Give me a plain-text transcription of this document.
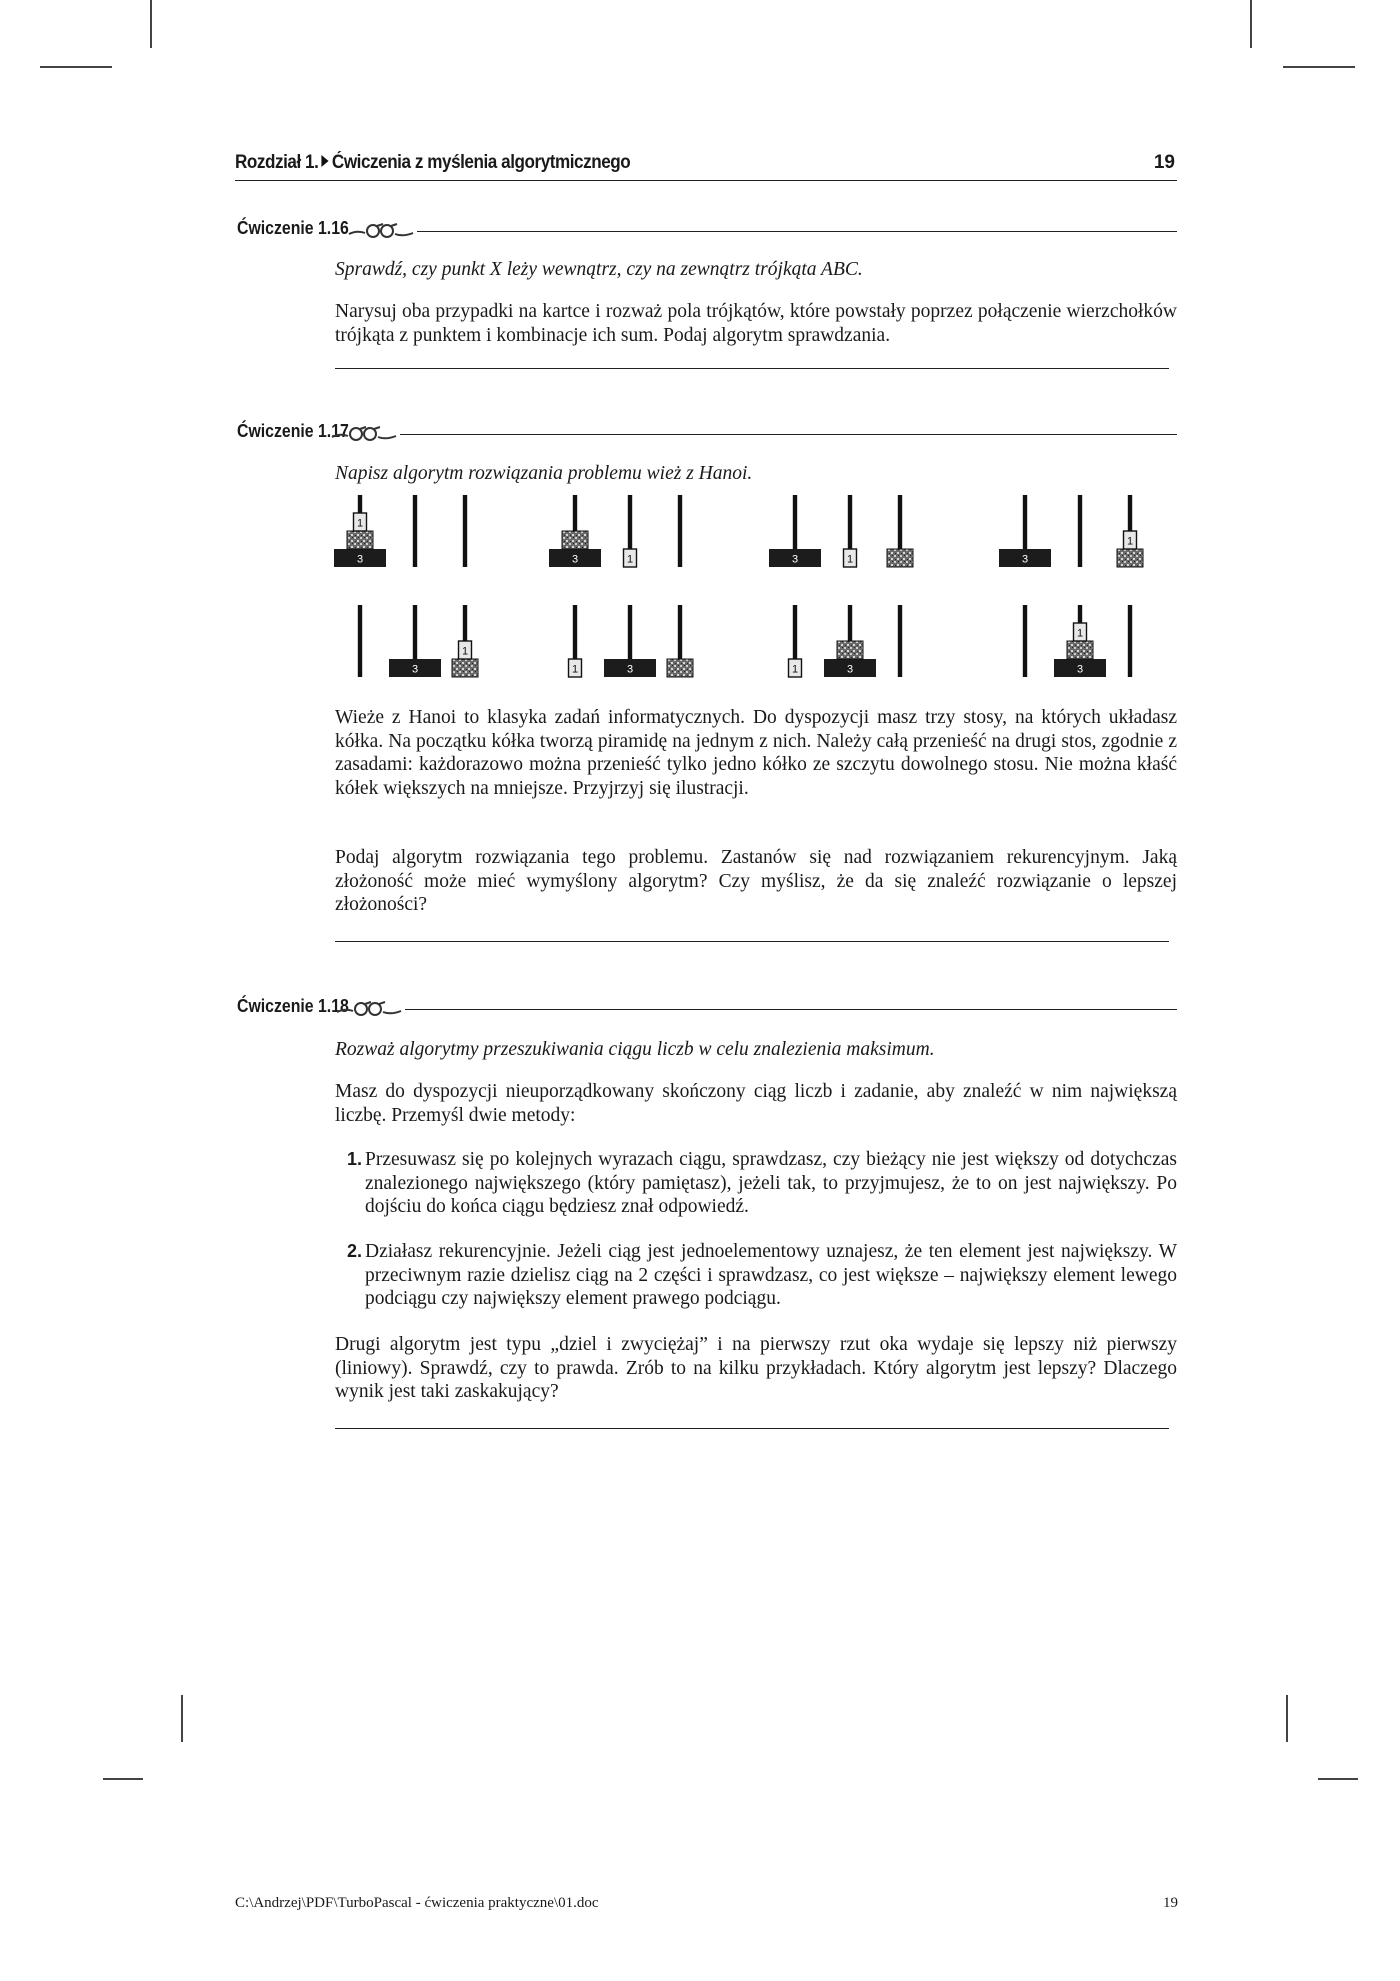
Rozdział 1. Ćwiczenia z myślenia algorytmicznego	19
Ćwiczenie 1.16
Sprawdź, czy punkt X leży wewnątrz, czy na zewnątrz trójkąta ABC.
Narysuj oba przypadki na kartce i rozważ pola trójkątów, które powstały poprzez połączenie wierzchołków trójkąta z punktem i kombinacje ich sum. Podaj algorytm sprawdzania.
Ćwiczenie 1.17
Napisz algorytm rozwiązania problemu wież z Hanoi.
3
1
3	1	3	1	3
1
3
1
1	3	1	3	3
1
Wieże z Hanoi to klasyka zadań informatycznych. Do dyspozycji masz trzy stosy, na których układasz kółka. Na początku kółka tworzą piramidę na jednym z nich. Należy całą przenieść na drugi stos, zgodnie z zasadami: każdorazowo można przenieść tylko jedno kółko ze szczytu dowolnego stosu. Nie można kłaść kółek większych na mniejsze. Przyjrzyj się ilustracji.
Podaj algorytm rozwiązania tego problemu. Zastanów się nad rozwiązaniem rekurencyjnym. Jaką złożoność może mieć wymyślony algorytm? Czy myślisz, że da się znaleźć rozwiązanie o lepszej złożoności?
Ćwiczenie 1.18
Rozważ algorytmy przeszukiwania ciągu liczb w celu znalezienia maksimum.
Masz do dyspozycji nieuporządkowany skończony ciąg liczb i zadanie, aby znaleźć w nim największą liczbę. Przemyśl dwie metody:
1. Przesuwasz się po kolejnych wyrazach ciągu, sprawdzasz, czy bieżący nie jest większy od dotychczas znalezionego największego (który pamiętasz), jeżeli tak, to przyjmujesz, że to on jest największy. Po dojściu do końca ciągu będziesz znał odpowiedź.
2. Działasz rekurencyjnie. Jeżeli ciąg jest jednoelementowy uznajesz, że ten element jest największy. W przeciwnym razie dzielisz ciąg na 2 części i sprawdzasz, co jest większe – największy element lewego podciągu czy największy element prawego podciągu.
Drugi algorytm jest typu „dziel i zwyciężaj” i na pierwszy rzut oka wydaje się lepszy niż pierwszy (liniowy). Sprawdź, czy to prawda. Zrób to na kilku przykładach. Który algorytm jest lepszy? Dlaczego wynik jest taki zaskakujący?
C:\Andrzej\PDF\TurboPascal - ćwiczenia praktyczne\01.doc	19
